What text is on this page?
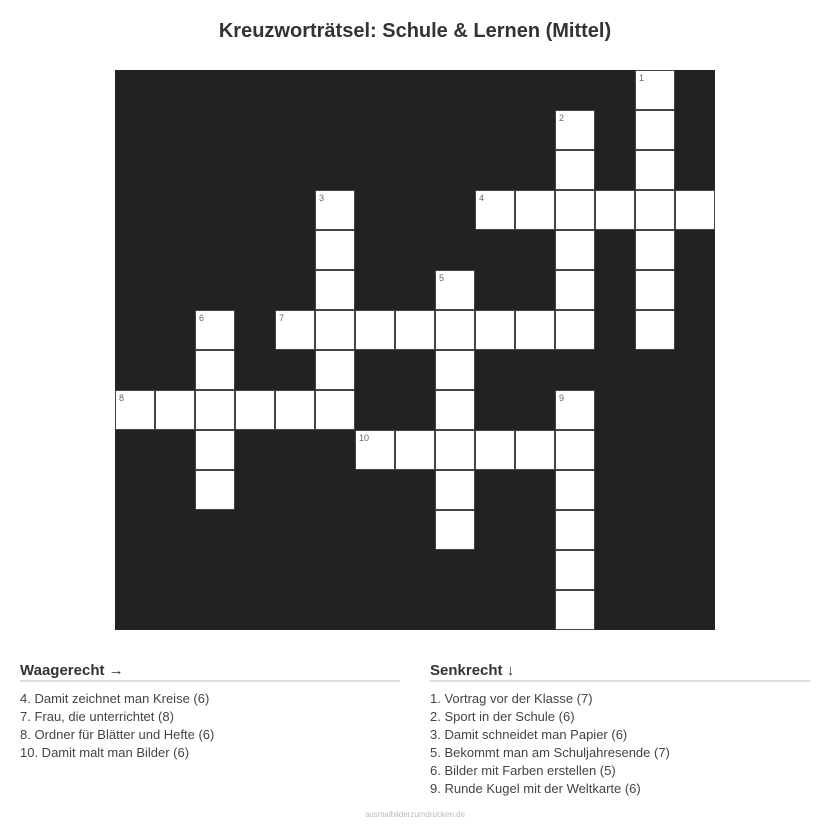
Kreuzworträtsel: Schule & Lernen (Mittel)
1
2
3	4
5
6	7
8	9
10
Waagerecht →
4. Damit zeichnet man Kreise (6)
7. Frau, die unterrichtet (8)
8. Ordner für Blätter und Hefte (6)
10. Damit malt man Bilder (6)
Senkrecht ↓
1. Vortrag vor der Klasse (7)
2. Sport in der Schule (6)
3. Damit schneidet man Papier (6)
5. Bekommt man am Schuljahresende (7)
6. Bilder mit Farben erstellen (5)
9. Runde Kugel mit der Weltkarte (6)
ausmalbilderzumdrucken.de
